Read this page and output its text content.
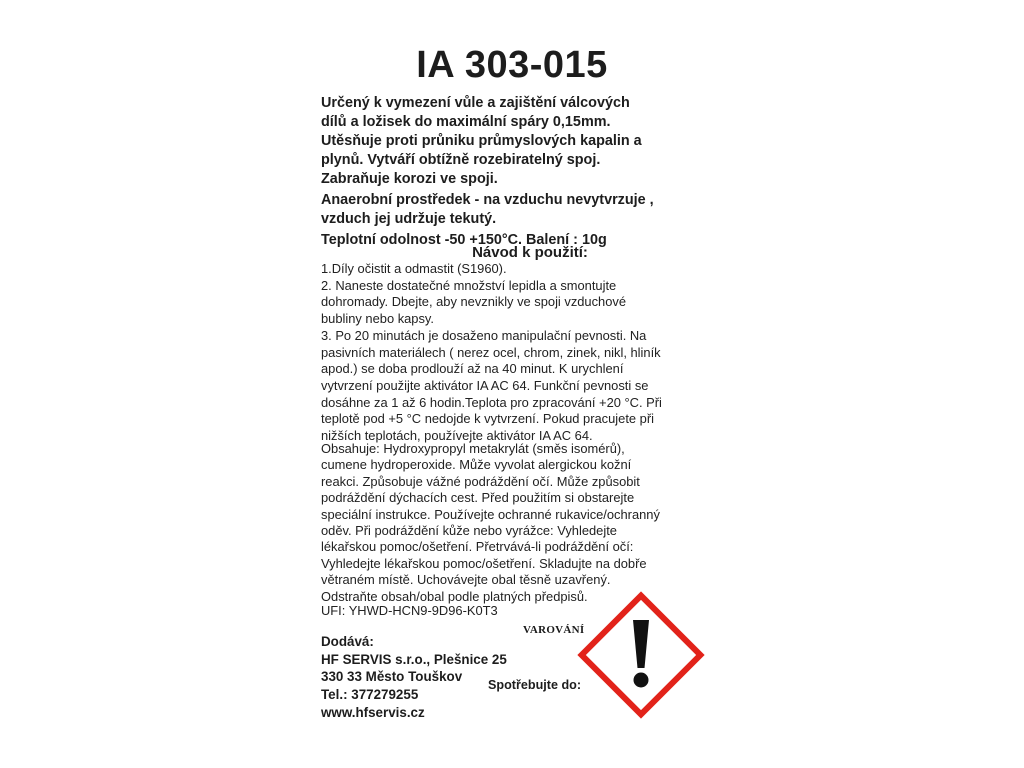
IA 303-015
Určený k vymezení vůle a zajištění válcových
dílů a ložisek do maximální spáry 0,15mm.
Utěsňuje proti průniku průmyslových kapalin a
plynů. Vytváří obtížně rozebiratelný spoj.
Zabraňuje korozi ve spoji.
Anaerobní prostředek - na vzduchu nevytvrzuje ,
vzduch jej udržuje tekutý.
Teplotní odolnost -50 +150°C. Balení : 10g
Návod k použití:
1.Díly očistit a odmastit (S1960).
2. Naneste dostatečné množství lepidla a smontujte
dohromady. Dbejte, aby nevznikly ve spoji vzduchové
bubliny nebo kapsy.
3. Po 20 minutách je dosaženo manipulační pevnosti. Na
pasivních materiálech ( nerez ocel, chrom, zinek, nikl, hliník
apod.) se doba prodlouží až na 40 minut. K urychlení
vytvrzení použijte aktivátor IA AC 64. Funkční pevnosti se
dosáhne za 1 až 6 hodin.Teplota pro zpracování +20 °C. Při
teplotě pod +5 °C nedojde k vytvrzení. Pokud pracujete při
nižších teplotách, používejte aktivátor IA AC 64.
Obsahuje: Hydroxypropyl metakrylát (směs isomérů),
cumene hydroperoxide. Může vyvolat alergickou kožní
reakci. Způsobuje vážné podráždění očí. Může způsobit
podráždění dýchacích cest. Před použitím si obstarejte
speciální instrukce. Používejte ochranné rukavice/ochranný
oděv. Při podráždění kůže nebo vyrážce: Vyhledejte
lékařskou pomoc/ošetření. Přetrvává-li podráždění očí:
Vyhledejte lékařskou pomoc/ošetření. Skladujte na dobře
větraném místě. Uchovávejte obal těsně uzavřený.
Odstraňte obsah/obal podle platných předpisů.
UFI: YHWD-HCN9-9D96-K0T3
VAROVÁNÍ
Dodává:
HF SERVIS s.r.o., Plešnice 25
330 33 Město Touškov
Tel.: 377279255
www.hfservis.cz
Spotřebujte do:
